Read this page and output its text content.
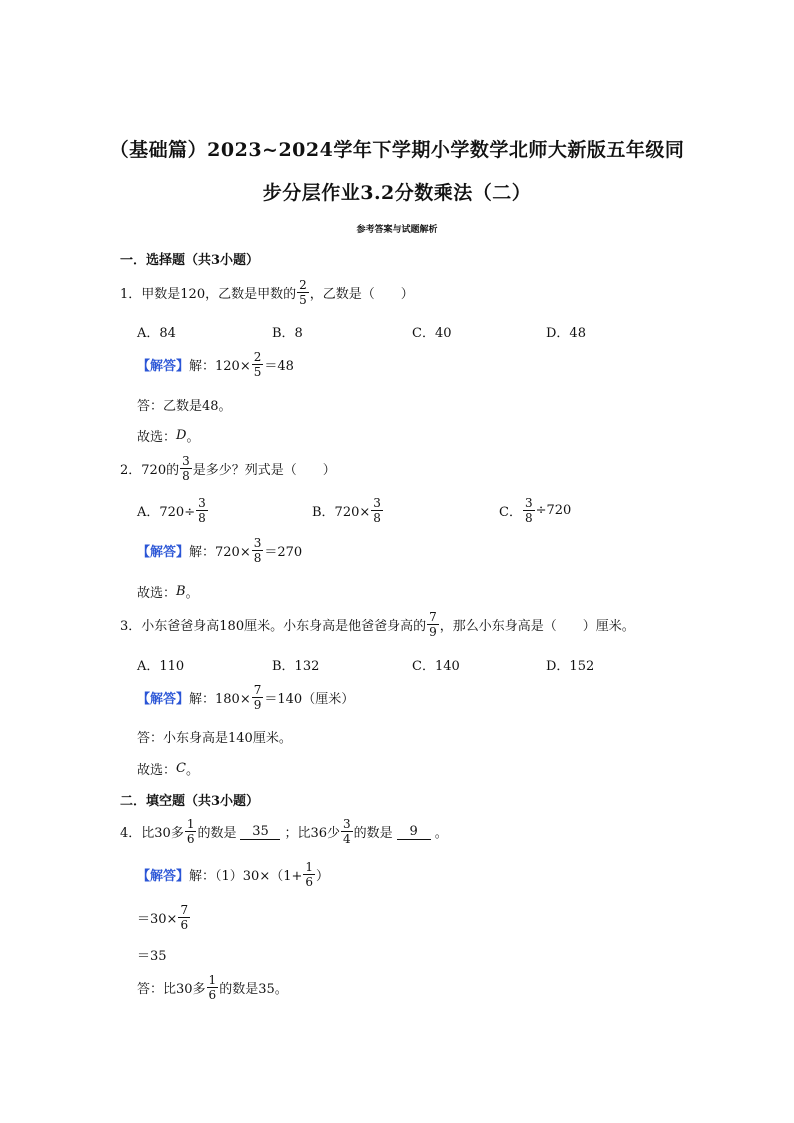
（基础篇）2023~2024学年下学期小学数学北师大新版五年级同
步分层作业3.2分数乘法（二）
参考答案与试题解析
一．选择题（共3小题）
1．甲数是120，乙数是甲数的 $\frac{2}{5}$ ，乙数是（　　）
A．84	B．8	C．40	D．48
【解答】 解：$120\times \frac{2}{5} =48$
答：乙数是48。
故选： D 。
2．720的 $\frac{3}{8}$ 是多少？列式是（　　）
A．$720\div \frac{3}{8}$	B．$720\times \frac{3}{8}$	C． $\frac{3}{8} \div 720$
【解答】 解：$720\times \frac{3}{8} =270$
故选： B 。
3．小东爸爸身高180厘米。小东身高是他爸爸身高的 $\frac{7}{9}$ ，那么小东身高是（　　）厘米。
A．110	B．132	C．140	D．152
【解答】 解：$180\times \frac{7}{9} =140$（厘米）
答：小东身高是140厘米。
故选： C 。
二．填空题（共3小题）
4．比30多 $\frac{1}{6}$ 的数是	35	；比36少 $\frac{3}{4}$ 的数是	9	。
【解答】 解：$(1)30\times(1+ \frac{1}{6}$ ）
$=30\times \frac{7}{6}$
＝35
答：比30多 $\frac{1}{6}$ 的数是35。
